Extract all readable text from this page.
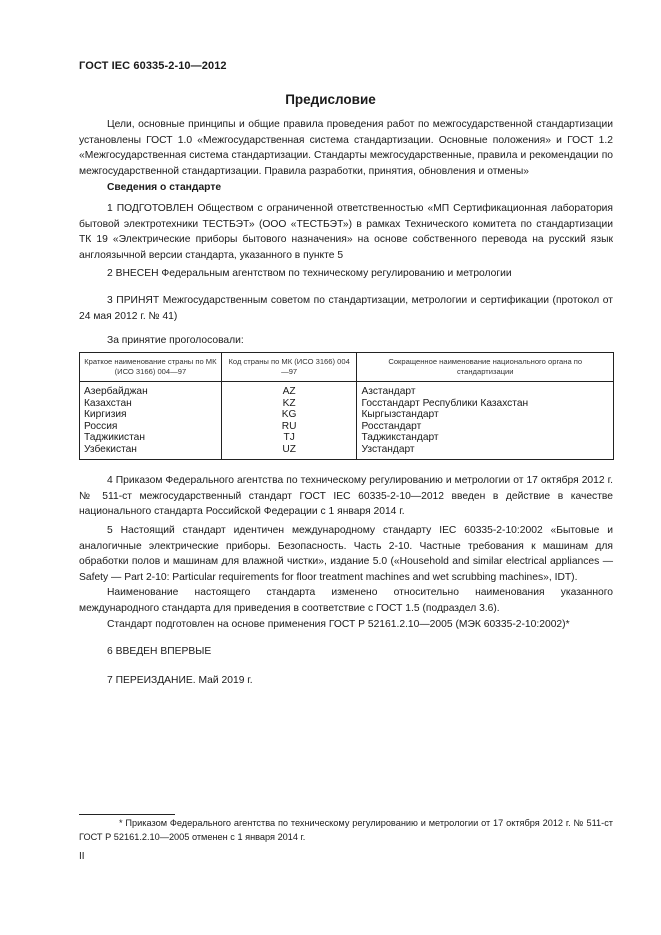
ГОСТ IEC 60335-2-10—2012
Предисловие

Цели, основные принципы и общие правила проведения работ по межгосударственной стандартизации установлены ГОСТ 1.0 «Межгосударственная система стандартизации. Основные положения» и ГОСТ 1.2 «Межгосударственная система стандартизации. Стандарты межгосударственные, правила и рекомендации по межгосударственной стандартизации. Правила разработки, принятия, обновления и отмены»

Сведения о стандарте

1 ПОДГОТОВЛЕН Обществом с ограниченной ответственностью «МП Сертификационная лаборатория бытовой электротехники ТЕСТБЭТ» (ООО «ТЕСТБЭТ») в рамках Технического комитета по стандартизации ТК 19 «Электрические приборы бытового назначения» на основе собственного перевода на русский язык англоязычной версии стандарта, указанного в пункте 5

2 ВНЕСЕН Федеральным агентством по техническому регулированию и метрологии

3 ПРИНЯТ Межгосударственным советом по стандартизации, метрологии и сертификации (протокол от 24 мая 2012 г. № 41)

За принятие проголосовали:

Краткое наименование страны по МК (ИСО 3166) 004—97	Код страны по МК (ИСО 3166) 004—97	Сокращенное наименование национального органа по стандартизации
Азербайджан	AZ	Азстандарт
Казахстан	KZ	Госстандарт Республики Казахстан
Киргизия	KG	Кыргызстандарт
Россия	RU	Росстандарт
Таджикистан	TJ	Таджикстандарт
Узбекистан	UZ	Узстандарт

4 Приказом Федерального агентства по техническому регулированию и метрологии от 17 октября 2012 г. № 511-ст межгосударственный стандарт ГОСТ IEC 60335-2-10—2012 введен в действие в качестве национального стандарта Российской Федерации с 1 января 2014 г.

5 Настоящий стандарт идентичен международному стандарту IEC 60335-2-10:2002 «Бытовые и аналогичные электрические приборы. Безопасность. Часть 2-10. Частные требования к машинам для обработки полов и машинам для влажной чистки», издание 5.0 («Household and similar electrical appliances — Safety — Part 2-10: Particular requirements for floor treatment machines and wet scrubbing machines», IDT).

Наименование настоящего стандарта изменено относительно наименования указанного международного стандарта для приведения в соответствие с ГОСТ 1.5 (подраздел 3.6).

Стандарт подготовлен на основе применения ГОСТ Р 52161.2.10—2005 (МЭК 60335-2-10:2002)*

6 ВВЕДЕН ВПЕРВЫЕ

7 ПЕРЕИЗДАНИЕ. Май 2019 г.

* Приказом Федерального агентства по техническому регулированию и метрологии от 17 октября 2012 г. № 511-ст ГОСТ Р 52161.2.10—2005 отменен с 1 января 2014 г.

II
